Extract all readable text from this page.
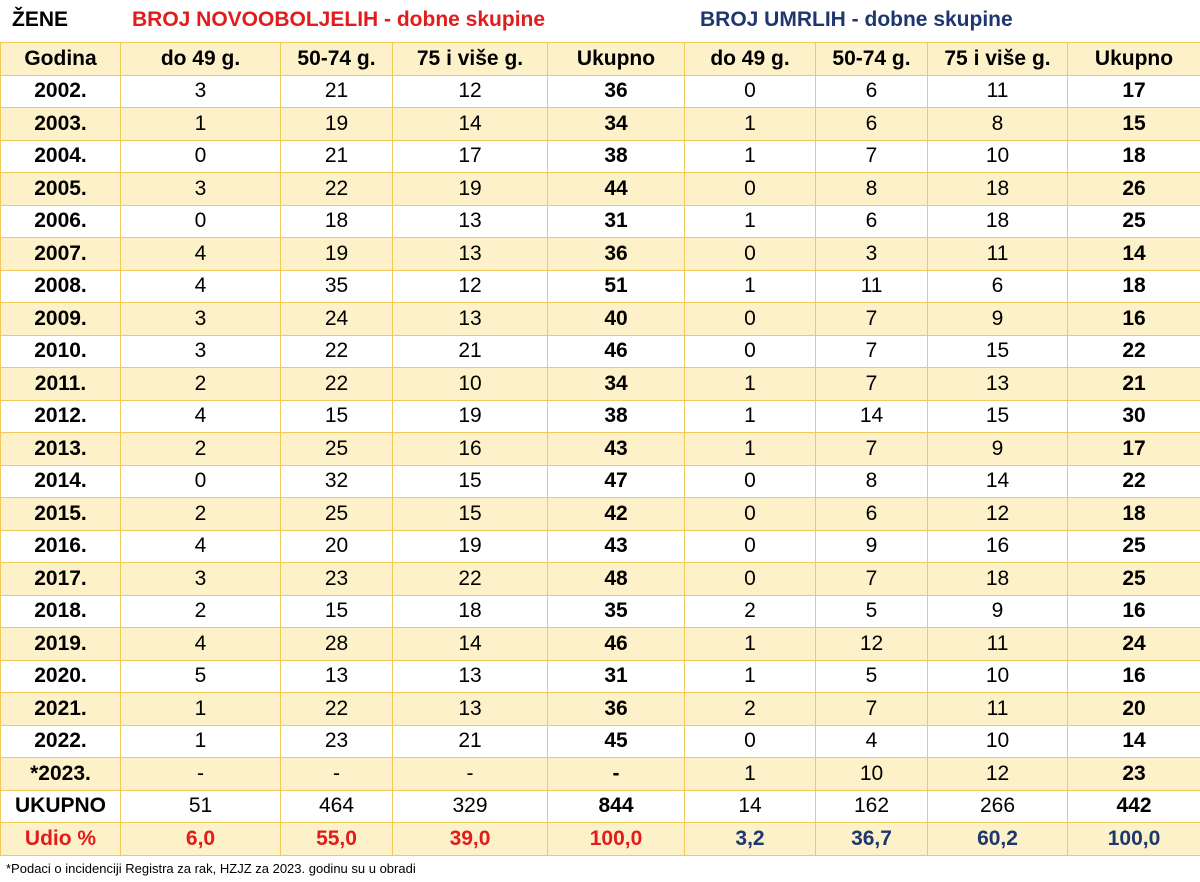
ŽENE	BROJ NOVOOBOLJELIH - dobne skupine	BROJ UMRLIH - dobne skupine
Godina	do 49 g.	50-74 g.	75 i više g.	Ukupno	do 49 g.	50-74 g.	75 i više g.	Ukupno
2002.	3	21	12	36	0	6	11	17
2003.	1	19	14	34	1	6	8	15
2004.	0	21	17	38	1	7	10	18
2005.	3	22	19	44	0	8	18	26
2006.	0	18	13	31	1	6	18	25
2007.	4	19	13	36	0	3	11	14
2008.	4	35	12	51	1	11	6	18
2009.	3	24	13	40	0	7	9	16
2010.	3	22	21	46	0	7	15	22
2011.	2	22	10	34	1	7	13	21
2012.	4	15	19	38	1	14	15	30
2013.	2	25	16	43	1	7	9	17
2014.	0	32	15	47	0	8	14	22
2015.	2	25	15	42	0	6	12	18
2016.	4	20	19	43	0	9	16	25
2017.	3	23	22	48	0	7	18	25
2018.	2	15	18	35	2	5	9	16
2019.	4	28	14	46	1	12	11	24
2020.	5	13	13	31	1	5	10	16
2021.	1	22	13	36	2	7	11	20
2022.	1	23	21	45	0	4	10	14
*2023.	-	-	-	-	1	10	12	23
UKUPNO	51	464	329	844	14	162	266	442
Udio %	6,0	55,0	39,0	100,0	3,2	36,7	60,2	100,0
*Podaci o incidenciji Registra za rak, HZJZ za 2023. godinu su u obradi
